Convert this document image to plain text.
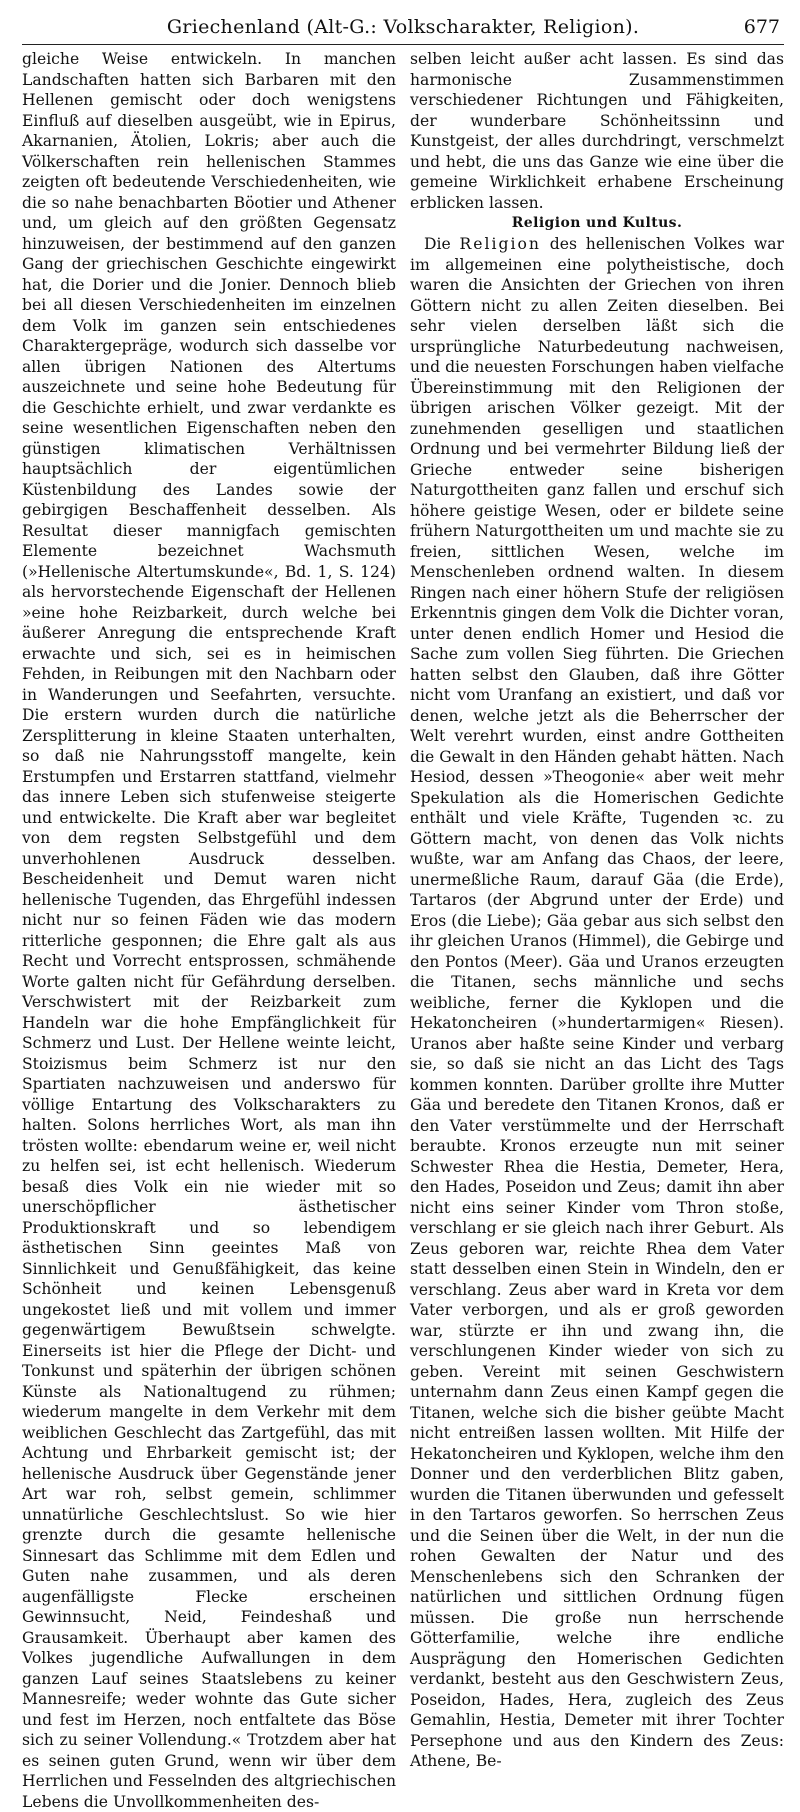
Griechenland (Alt-G.: Volkscharakter, Religion).	677

gleiche Weise entwickeln. In manchen Landschaften hatten sich Barbaren mit den Hellenen gemischt oder doch wenigstens Einfluß auf dieselben ausgeübt, wie in Epirus, Akarnanien, Ätolien, Lokris; aber auch die Völkerschaften rein hellenischen Stammes zeigten oft bedeutende Verschiedenheiten, wie die so nahe benachbarten Böotier und Athener und, um gleich auf den größten Gegensatz hinzuweisen, der bestimmend auf den ganzen Gang der griechischen Geschichte eingewirkt hat, die Dorier und die Jonier. Dennoch blieb bei all diesen Verschiedenheiten im einzelnen dem Volk im ganzen sein entschiedenes Charaktergepräge, wodurch sich dasselbe vor allen übrigen Nationen des Altertums auszeichnete und seine hohe Bedeutung für die Geschichte erhielt, und zwar verdankte es seine wesentlichen Eigenschaften neben den günstigen klimatischen Verhältnissen hauptsächlich der eigentümlichen Küstenbildung des Landes sowie der gebirgigen Beschaffenheit desselben. Als Resultat dieser mannigfach gemischten Elemente bezeichnet Wachsmuth (»Hellenische Altertumskunde«, Bd. 1, S. 124) als hervorstechende Eigenschaft der Hellenen »eine hohe Reizbarkeit, durch welche bei äußerer Anregung die entsprechende Kraft erwachte und sich, sei es in heimischen Fehden, in Reibungen mit den Nachbarn oder in Wanderungen und Seefahrten, versuchte. Die erstern wurden durch die natürliche Zersplitterung in kleine Staaten unterhalten, so daß nie Nahrungsstoff mangelte, kein Erstumpfen und Erstarren stattfand, vielmehr das innere Leben sich stufenweise steigerte und entwickelte. Die Kraft aber war begleitet von dem regsten Selbstgefühl und dem unverhohlenen Ausdruck desselben. Bescheidenheit und Demut waren nicht hellenische Tugenden, das Ehrgefühl indessen nicht nur so feinen Fäden wie das modern ritterliche gesponnen; die Ehre galt als aus Recht und Vorrecht entsprossen, schmähende Worte galten nicht für Gefährdung derselben. Verschwistert mit der Reizbarkeit zum Handeln war die hohe Empfänglichkeit für Schmerz und Lust. Der Hellene weinte leicht, Stoizismus beim Schmerz ist nur den Spartiaten nachzuweisen und anderswo für völlige Entartung des Volkscharakters zu halten. Solons herrliches Wort, als man ihn trösten wollte: ebendarum weine er, weil nicht zu helfen sei, ist echt hellenisch. Wiederum besaß dies Volk ein nie wieder mit so unerschöpflicher ästhetischer Produktionskraft und so lebendigem ästhetischen Sinn geeintes Maß von Sinnlichkeit und Genußfähigkeit, das keine Schönheit und keinen Lebensgenuß ungekostet ließ und mit vollem und immer gegenwärtigem Bewußtsein schwelgte. Einerseits ist hier die Pflege der Dicht- und Tonkunst und späterhin der übrigen schönen Künste als Nationaltugend zu rühmen; wiederum mangelte in dem Verkehr mit dem weiblichen Geschlecht das Zartgefühl, das mit Achtung und Ehrbarkeit gemischt ist; der hellenische Ausdruck über Gegenstände jener Art war roh, selbst gemein, schlimmer unnatürliche Geschlechtslust. So wie hier grenzte durch die gesamte hellenische Sinnesart das Schlimme mit dem Edlen und Guten nahe zusammen, und als deren augenfälligste Flecke erscheinen Gewinnsucht, Neid, Feindeshaß und Grausamkeit. Überhaupt aber kamen des Volkes jugendliche Aufwallungen in dem ganzen Lauf seines Staatslebens zu keiner Mannesreife; weder wohnte das Gute sicher und fest im Herzen, noch entfaltete das Böse sich zu seiner Vollendung.« Trotzdem aber hat es seinen guten Grund, wenn wir über dem Herrlichen und Fesselnden des altgriechischen Lebens die Unvollkommenheiten des-

selben leicht außer acht lassen. Es sind das harmonische Zusammenstimmen verschiedener Richtungen und Fähigkeiten, der wunderbare Schönheitssinn und Kunstgeist, der alles durchdringt, verschmelzt und hebt, die uns das Ganze wie eine über die gemeine Wirklichkeit erhabene Erscheinung erblicken lassen.

Religion und Kultus.

Die Religion des hellenischen Volkes war im allgemeinen eine polytheistische, doch waren die Ansichten der Griechen von ihren Göttern nicht zu allen Zeiten dieselben. Bei sehr vielen derselben läßt sich die ursprüngliche Naturbedeutung nachweisen, und die neuesten Forschungen haben vielfache Übereinstimmung mit den Religionen der übrigen arischen Völker gezeigt. Mit der zunehmenden geselligen und staatlichen Ordnung und bei vermehrter Bildung ließ der Grieche entweder seine bisherigen Naturgottheiten ganz fallen und erschuf sich höhere geistige Wesen, oder er bildete seine frühern Naturgottheiten um und machte sie zu freien, sittlichen Wesen, welche im Menschenleben ordnend walten. In diesem Ringen nach einer höhern Stufe der religiösen Erkenntnis gingen dem Volk die Dichter voran, unter denen endlich Homer und Hesiod die Sache zum vollen Sieg führten. Die Griechen hatten selbst den Glauben, daß ihre Götter nicht vom Uranfang an existiert, und daß vor denen, welche jetzt als die Beherrscher der Welt verehrt wurden, einst andre Gottheiten die Gewalt in den Händen gehabt hätten. Nach Hesiod, dessen »Theogonie« aber weit mehr Spekulation als die Homerischen Gedichte enthält und viele Kräfte, Tugenden ꝛc. zu Göttern macht, von denen das Volk nichts wußte, war am Anfang das Chaos, der leere, unermeßliche Raum, darauf Gäa (die Erde), Tartaros (der Abgrund unter der Erde) und Eros (die Liebe); Gäa gebar aus sich selbst den ihr gleichen Uranos (Himmel), die Gebirge und den Pontos (Meer). Gäa und Uranos erzeugten die Titanen, sechs männliche und sechs weibliche, ferner die Kyklopen und die Hekatoncheiren (»hundertarmigen« Riesen). Uranos aber haßte seine Kinder und verbarg sie, so daß sie nicht an das Licht des Tags kommen konnten. Darüber grollte ihre Mutter Gäa und beredete den Titanen Kronos, daß er den Vater verstümmelte und der Herrschaft beraubte. Kronos erzeugte nun mit seiner Schwester Rhea die Hestia, Demeter, Hera, den Hades, Poseidon und Zeus; damit ihn aber nicht eins seiner Kinder vom Thron stoße, verschlang er sie gleich nach ihrer Geburt. Als Zeus geboren war, reichte Rhea dem Vater statt desselben einen Stein in Windeln, den er verschlang. Zeus aber ward in Kreta vor dem Vater verborgen, und als er groß geworden war, stürzte er ihn und zwang ihn, die verschlungenen Kinder wieder von sich zu geben. Vereint mit seinen Geschwistern unternahm dann Zeus einen Kampf gegen die Titanen, welche sich die bisher geübte Macht nicht entreißen lassen wollten. Mit Hilfe der Hekatoncheiren und Kyklopen, welche ihm den Donner und den verderblichen Blitz gaben, wurden die Titanen überwunden und gefesselt in den Tartaros geworfen. So herrschen Zeus und die Seinen über die Welt, in der nun die rohen Gewalten der Natur und des Menschenlebens sich den Schranken der natürlichen und sittlichen Ordnung fügen müssen. Die große nun herrschende Götterfamilie, welche ihre endliche Ausprägung den Homerischen Gedichten verdankt, besteht aus den Geschwistern Zeus, Poseidon, Hades, Hera, zugleich des Zeus Gemahlin, Hestia, Demeter mit ihrer Tochter Persephone und aus den Kindern des Zeus: Athene, Be-
